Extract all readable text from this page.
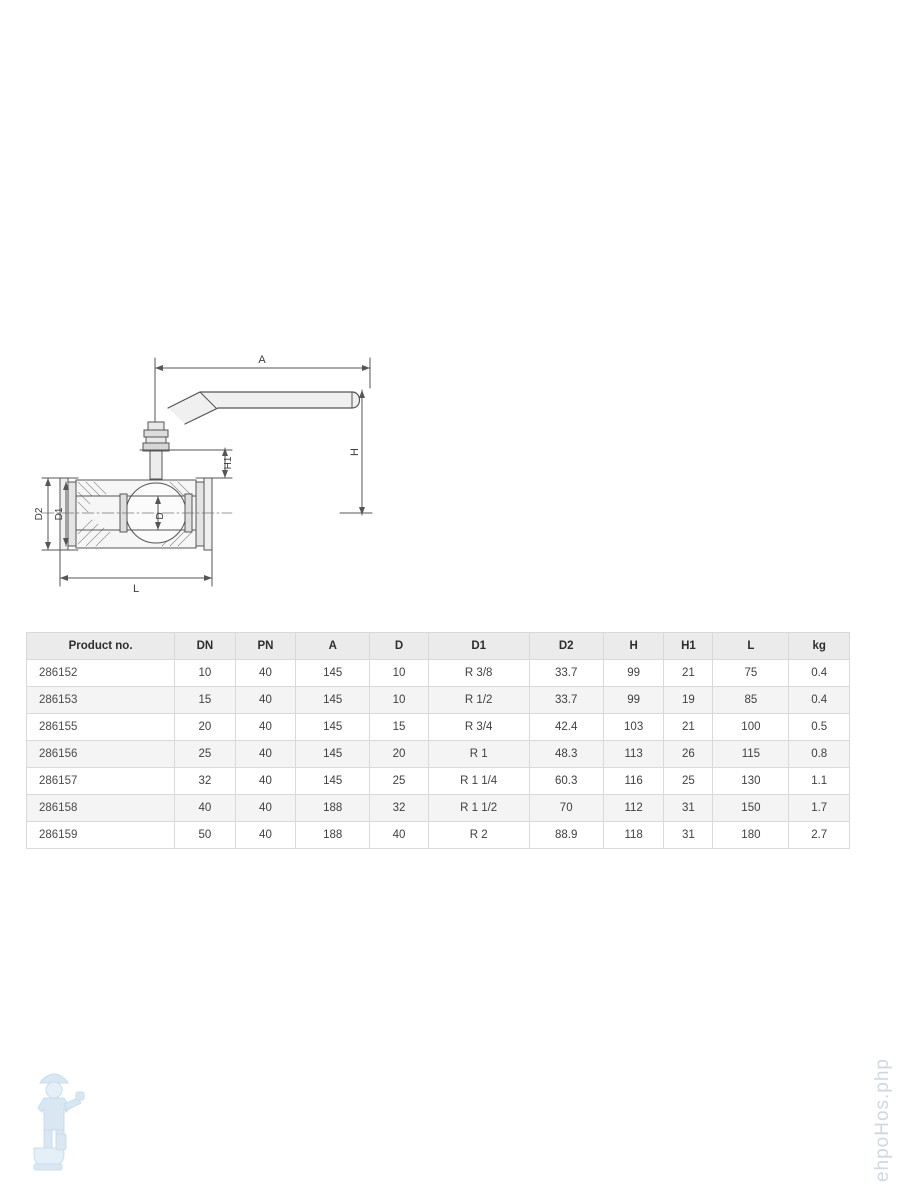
A
H
H1
D
D1
D2
L
Product no.	DN	PN	A	D	D1	D2	H	H1	L	kg
286152	10	40	145	10	R 3/8	33.7	99	21	75	0.4
286153	15	40	145	10	R 1/2	33.7	99	19	85	0.4
286155	20	40	145	15	R 3/4	42.4	103	21	100	0.5
286156	25	40	145	20	R 1	48.3	113	26	115	0.8
286157	32	40	145	25	R 1 1/4	60.3	116	25	130	1.1
286158	40	40	188	32	R 1 1/2	70	112	31	150	1.7
286159	50	40	188	40	R 2	88.9	118	31	180	2.7
ehpoHos.php
